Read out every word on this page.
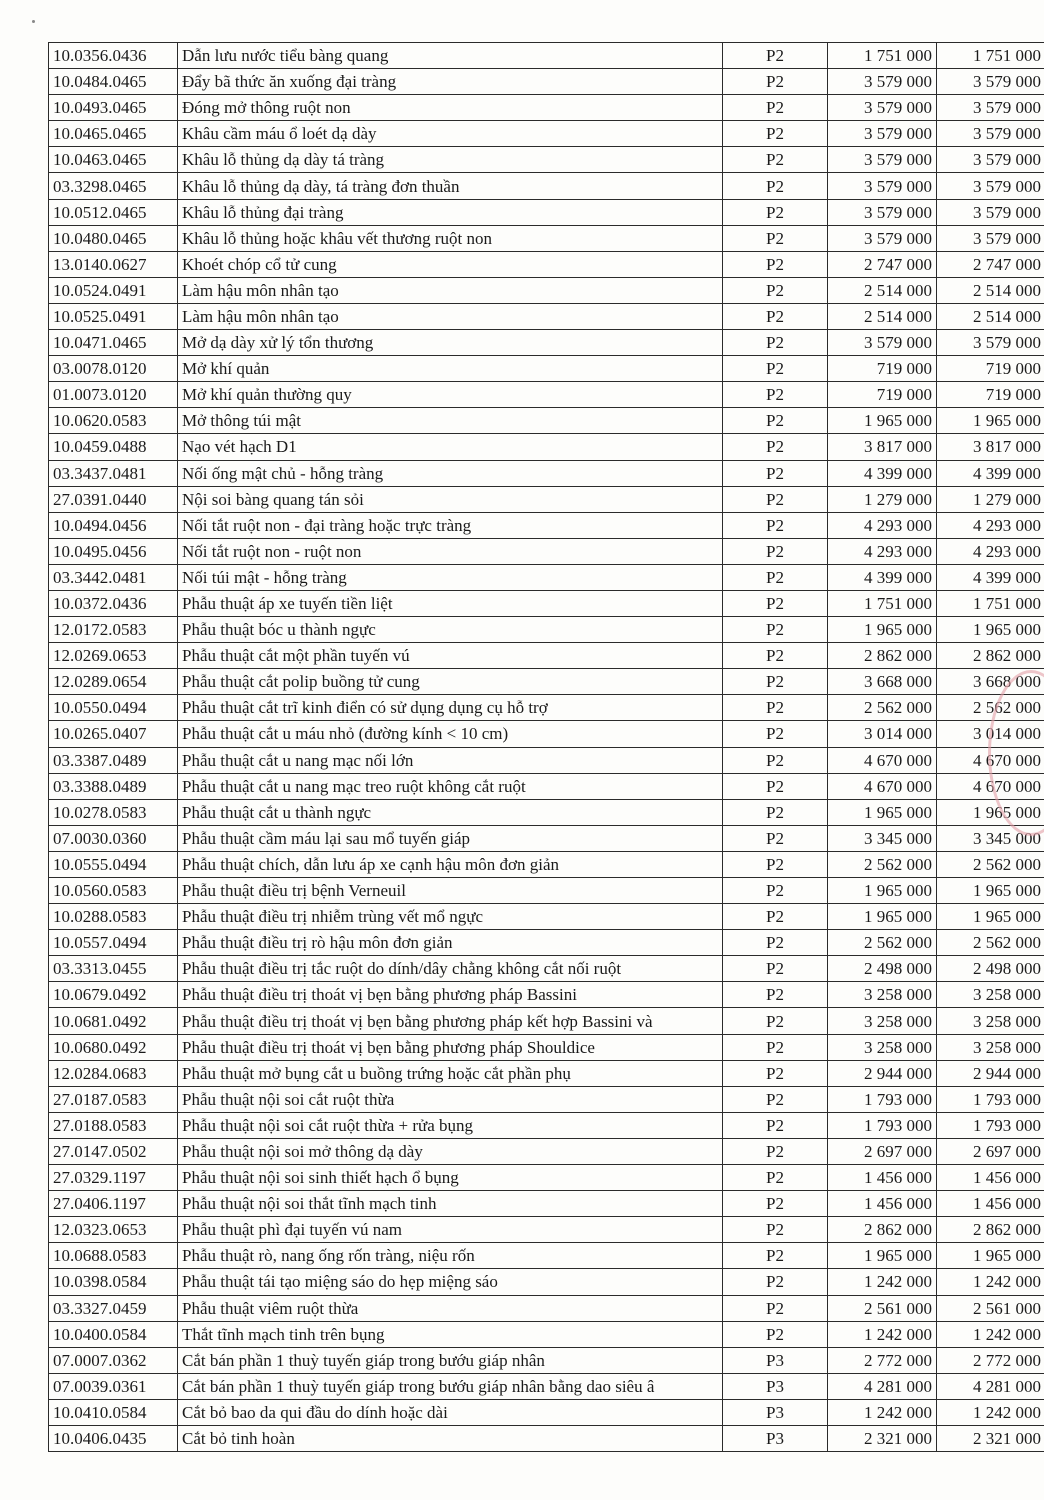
10.0356.0436	Dẫn lưu nước tiểu bàng quang	P2	1 751 000	1 751 000
10.0484.0465	Đẩy bã thức ăn xuống đại tràng	P2	3 579 000	3 579 000
10.0493.0465	Đóng mở thông ruột non	P2	3 579 000	3 579 000
10.0465.0465	Khâu cầm máu ổ loét dạ dày	P2	3 579 000	3 579 000
10.0463.0465	Khâu lỗ thủng dạ dày tá tràng	P2	3 579 000	3 579 000
03.3298.0465	Khâu lỗ thủng dạ dày, tá tràng đơn thuần	P2	3 579 000	3 579 000
10.0512.0465	Khâu lỗ thủng đại tràng	P2	3 579 000	3 579 000
10.0480.0465	Khâu lỗ thủng hoặc khâu vết thương ruột non	P2	3 579 000	3 579 000
13.0140.0627	Khoét chóp cổ tử cung	P2	2 747 000	2 747 000
10.0524.0491	Làm hậu môn nhân tạo	P2	2 514 000	2 514 000
10.0525.0491	Làm hậu môn nhân tạo	P2	2 514 000	2 514 000
10.0471.0465	Mở dạ dày xử lý tổn thương	P2	3 579 000	3 579 000
03.0078.0120	Mở khí quản	P2	719 000	719 000
01.0073.0120	Mở khí quản thường quy	P2	719 000	719 000
10.0620.0583	Mở thông túi mật	P2	1 965 000	1 965 000
10.0459.0488	Nạo vét hạch D1	P2	3 817 000	3 817 000
03.3437.0481	Nối ống mật chủ - hỗng tràng	P2	4 399 000	4 399 000
27.0391.0440	Nội soi bàng quang tán sỏi	P2	1 279 000	1 279 000
10.0494.0456	Nối tắt ruột non - đại tràng hoặc trực tràng	P2	4 293 000	4 293 000
10.0495.0456	Nối tắt ruột non - ruột non	P2	4 293 000	4 293 000
03.3442.0481	Nối túi mật - hỗng tràng	P2	4 399 000	4 399 000
10.0372.0436	Phẫu thuật áp xe tuyến tiền liệt	P2	1 751 000	1 751 000
12.0172.0583	Phẫu thuật bóc u thành ngực	P2	1 965 000	1 965 000
12.0269.0653	Phẫu thuật cắt một phần tuyến vú	P2	2 862 000	2 862 000
12.0289.0654	Phẫu thuật cắt polip buồng tử cung	P2	3 668 000	3 668 000
10.0550.0494	Phẫu thuật cắt trĩ kinh điển có sử dụng dụng cụ hỗ trợ	P2	2 562 000	2 562 000
10.0265.0407	Phẫu thuật cắt u máu nhỏ (đường kính < 10 cm)	P2	3 014 000	3 014 000
03.3387.0489	Phẫu thuật cắt u nang mạc nối lớn	P2	4 670 000	4 670 000
03.3388.0489	Phẫu thuật cắt u nang mạc treo ruột không cắt ruột	P2	4 670 000	4 670 000
10.0278.0583	Phẫu thuật cắt u thành ngực	P2	1 965 000	1 965 000
07.0030.0360	Phẫu thuật cầm máu lại sau mổ tuyến giáp	P2	3 345 000	3 345 000
10.0555.0494	Phẫu thuật chích, dẫn lưu áp xe cạnh hậu môn đơn giản	P2	2 562 000	2 562 000
10.0560.0583	Phẫu thuật điều trị bệnh Verneuil	P2	1 965 000	1 965 000
10.0288.0583	Phẫu thuật điều trị nhiễm trùng vết mổ ngực	P2	1 965 000	1 965 000
10.0557.0494	Phẫu thuật điều trị rò hậu môn đơn giản	P2	2 562 000	2 562 000
03.3313.0455	Phẫu thuật điều trị tắc ruột do dính/dây chằng không cắt nối ruột	P2	2 498 000	2 498 000
10.0679.0492	Phẫu thuật điều trị thoát vị bẹn bằng phương pháp Bassini	P2	3 258 000	3 258 000
10.0681.0492	Phẫu thuật điều trị thoát vị bẹn bằng phương pháp kết hợp Bassini và	P2	3 258 000	3 258 000
10.0680.0492	Phẫu thuật điều trị thoát vị bẹn bằng phương pháp Shouldice	P2	3 258 000	3 258 000
12.0284.0683	Phẫu thuật mở bụng cắt u buồng trứng hoặc cắt phần phụ	P2	2 944 000	2 944 000
27.0187.0583	Phẫu thuật nội soi cắt ruột thừa	P2	1 793 000	1 793 000
27.0188.0583	Phẫu thuật nội soi cắt ruột thừa + rửa bụng	P2	1 793 000	1 793 000
27.0147.0502	Phẫu thuật nội soi mở thông dạ dày	P2	2 697 000	2 697 000
27.0329.1197	Phẫu thuật nội soi sinh thiết hạch ổ bụng	P2	1 456 000	1 456 000
27.0406.1197	Phẫu thuật nội soi thắt tĩnh mạch tinh	P2	1 456 000	1 456 000
12.0323.0653	Phẫu thuật phì đại tuyến vú nam	P2	2 862 000	2 862 000
10.0688.0583	Phẫu thuật rò, nang ống rốn tràng, niệu rốn	P2	1 965 000	1 965 000
10.0398.0584	Phẫu thuật tái tạo miệng sáo do hẹp miệng sáo	P2	1 242 000	1 242 000
03.3327.0459	Phẫu thuật viêm ruột thừa	P2	2 561 000	2 561 000
10.0400.0584	Thắt tĩnh mạch tinh trên bụng	P2	1 242 000	1 242 000
07.0007.0362	Cắt bán phần 1 thuỳ tuyến giáp trong bướu giáp nhân	P3	2 772 000	2 772 000
07.0039.0361	Cắt bán phần 1 thuỳ tuyến giáp trong bướu giáp nhân bằng dao siêu â	P3	4 281 000	4 281 000
10.0410.0584	Cắt bỏ bao da qui đầu do dính hoặc dài	P3	1 242 000	1 242 000
10.0406.0435	Cắt bỏ tinh hoàn	P3	2 321 000	2 321 000
